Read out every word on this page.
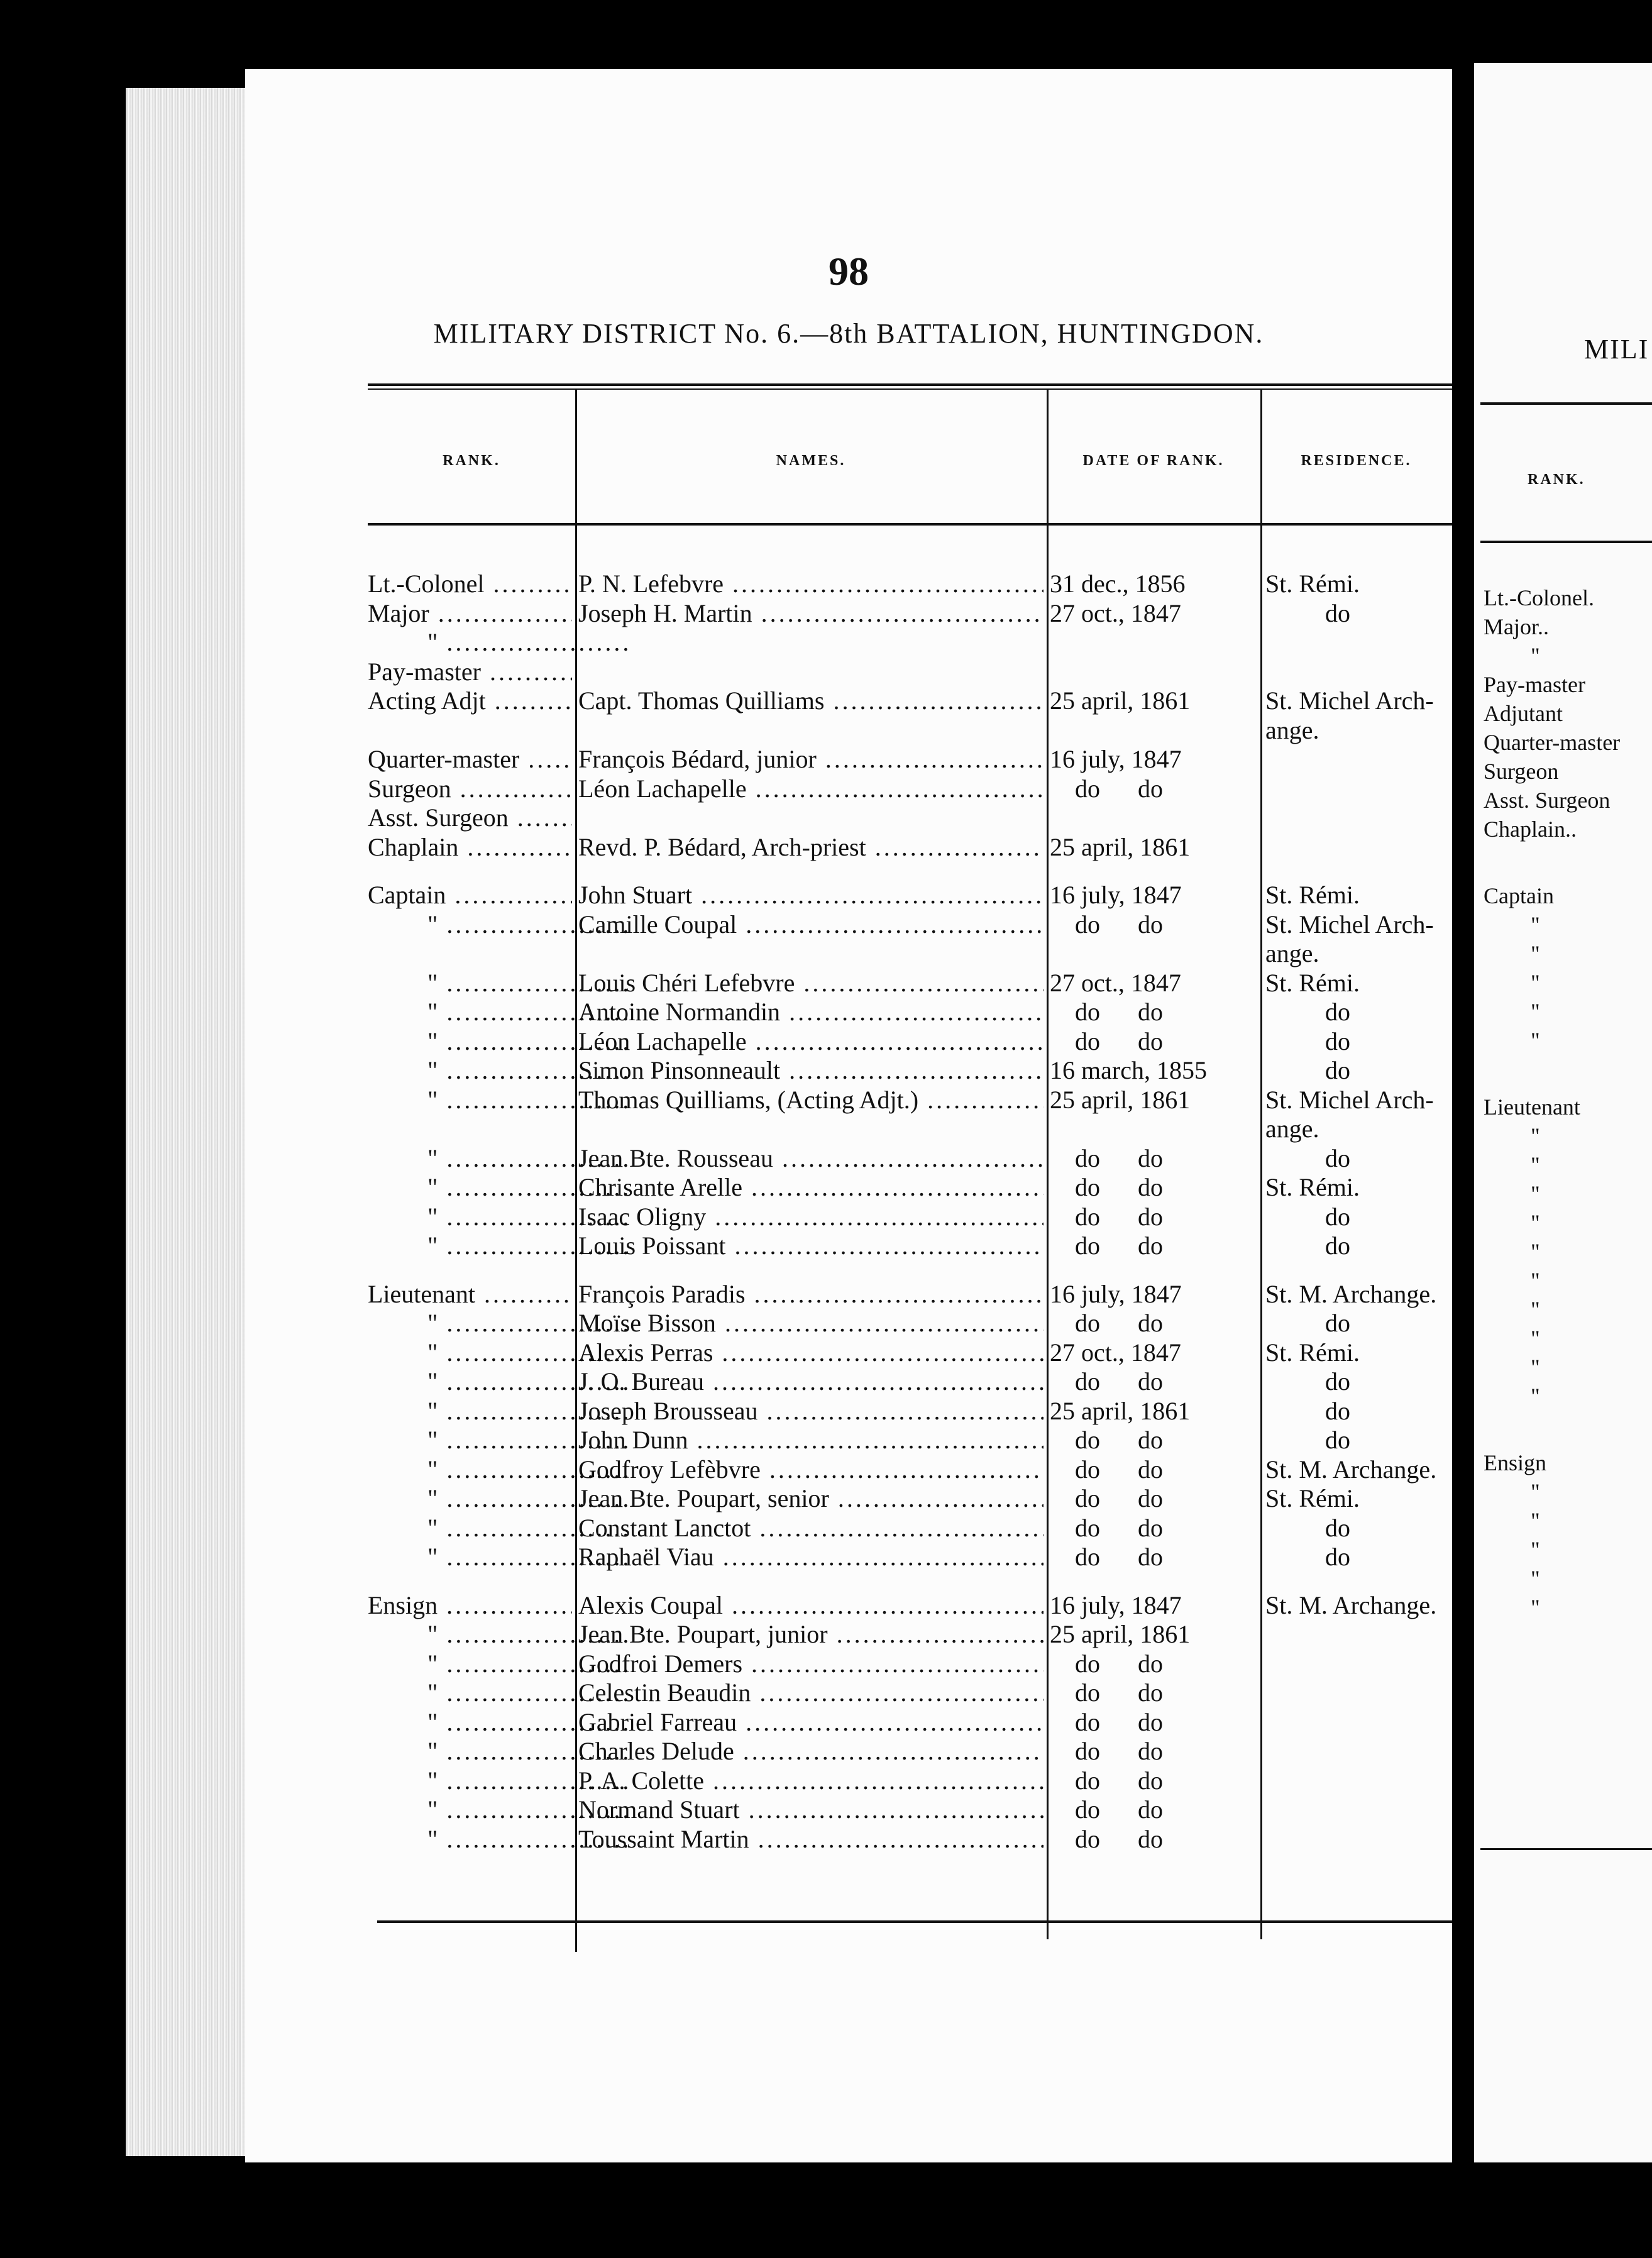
98
MILITARY DISTRICT No. 6.—8th BATTALION, HUNTINGDON.
RANK.	NAMES.	DATE OF RANK.	RESIDENCE.
Lt.-Colonel .....	P. N. Lefebvre .....	31 dec., 1856	St. Rémi.
Major .....	Joseph H. Martin .....	27 oct., 1847	do
" .....
Pay-master .....
Acting Adjt .....	Capt. Thomas Quilliams .....	25 april, 1861	St. Michel Arch-
ange.
Quarter-master .....	François Bédard, junior .....	16 july, 1847
Surgeon .....	Léon Lachapelle .....	do      do
Asst. Surgeon .....
Chaplain .....	Revd. P. Bédard, Arch-priest .....	25 april, 1861
Captain .....	John Stuart .....	16 july, 1847	St. Rémi.
" .....	Camille Coupal .....	do      do	St. Michel Arch-
ange.
" .....	Louis Chéri Lefebvre .....	27 oct., 1847	St. Rémi.
" .....	Antoine Normandin .....	do      do	do
" .....	Léon Lachapelle .....	do      do	do
" .....	Simon Pinsonneault .....	16 march, 1855	do
" .....	Thomas Quilliams, (Acting Adjt.) .....	25 april, 1861	St. Michel Arch-
ange.
" .....	Jean Bte. Rousseau .....	do      do	do
" .....	Chrisante Arelle .....	do      do	St. Rémi.
" .....	Isaac Oligny .....	do      do	do
" .....	Louis Poissant .....	do      do	do
Lieutenant .....	François Paradis .....	16 july, 1847	St. M. Archange.
" .....	Moïse Bisson .....	do      do	do
" .....	Alexis Perras .....	27 oct., 1847	St. Rémi.
" .....	J. O. Bureau .....	do      do	do
" .....	Joseph Brousseau .....	25 april, 1861	do
" .....	John Dunn .....	do      do	do
" .....	Godfroy Lefèbvre .....	do      do	St. M. Archange.
" .....	Jean Bte. Poupart, senior .....	do      do	St. Rémi.
" .....	Constant Lanctot .....	do      do	do
" .....	Raphaël Viau .....	do      do	do
Ensign .....	Alexis Coupal .....	16 july, 1847	St. M. Archange.
" .....	Jean Bte. Poupart, junior .....	25 april, 1861
" .....	Godfroi Demers .....	do      do
" .....	Celestin Beaudin .....	do      do
" .....	Gabriel Farreau .....	do      do
" .....	Charles Delude .....	do      do
" .....	P. A. Colette .....	do      do
" .....	Normand Stuart .....	do      do
" .....	Toussaint Martin .....	do      do
MILI
RANK.
Lt.-Colonel.
Major..
"
Pay-master
Adjutant
Quarter-master
Surgeon
Asst. Surgeon
Chaplain..
Captain
"
"
"
"
"
Lieutenant
"
"
"
"
"
"
"
"
"
"
Ensign
"
"
"
"
"
